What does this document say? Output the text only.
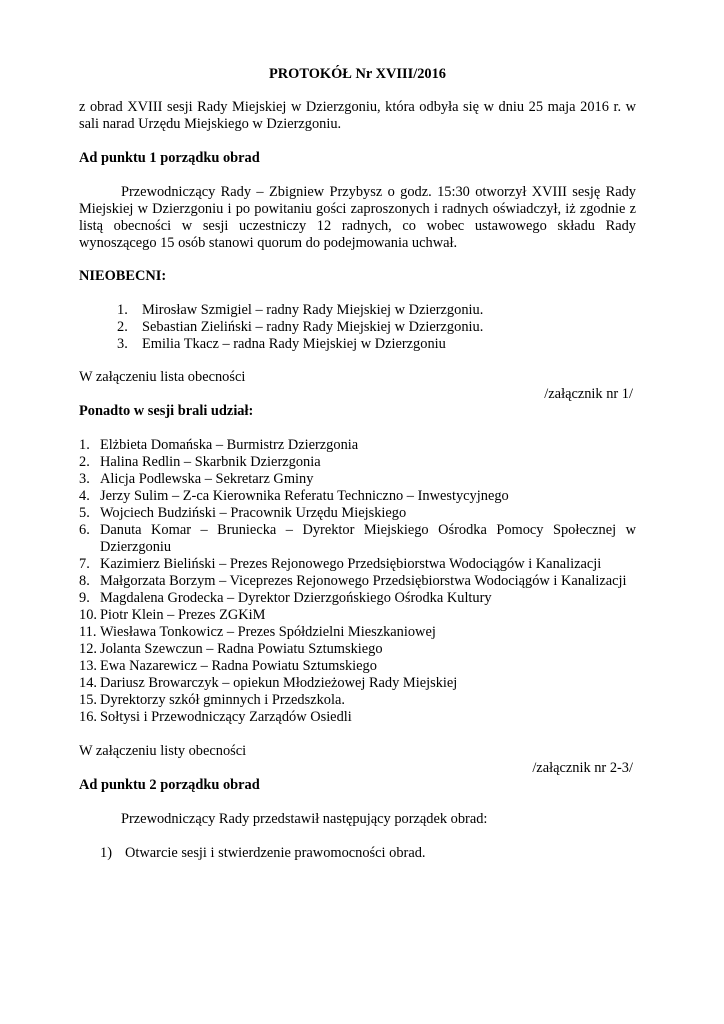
PROTOKÓŁ Nr XVIII/2016

z obrad XVIII sesji Rady Miejskiej w Dzierzgoniu, która odbyła się w dniu 25 maja 2016 r. w sali narad Urzędu Miejskiego w Dzierzgoniu.

Ad punktu 1 porządku obrad

Przewodniczący Rady – Zbigniew Przybysz o godz. 15:30 otworzył XVIII sesję Rady Miejskiej w Dzierzgoniu i po powitaniu gości zaproszonych i radnych oświadczył, iż zgodnie z listą obecności w sesji uczestniczy 12 radnych, co wobec ustawowego składu Rady wynoszącego 15 osób stanowi quorum do podejmowania uchwał.

NIEOBECNI:

1. Mirosław Szmigiel – radny Rady Miejskiej w Dzierzgoniu.
2. Sebastian Zieliński – radny Rady Miejskiej w Dzierzgoniu.
3. Emilia Tkacz – radna Rady Miejskiej w Dzierzgoniu

W załączeniu lista obecności

/załącznik nr 1/

Ponadto w sesji brali udział:

1. Elżbieta Domańska – Burmistrz Dzierzgonia
2. Halina Redlin – Skarbnik Dzierzgonia
3. Alicja Podlewska – Sekretarz Gminy
4. Jerzy Sulim – Z-ca Kierownika Referatu Techniczno – Inwestycyjnego
5. Wojciech Budziński – Pracownik Urzędu Miejskiego
6. Danuta Komar – Bruniecka – Dyrektor Miejskiego Ośrodka Pomocy Społecznej w Dzierzgoniu
7. Kazimierz Bieliński – Prezes Rejonowego Przedsiębiorstwa Wodociągów i Kanalizacji
8. Małgorzata Borzym – Viceprezes Rejonowego Przedsiębiorstwa Wodociągów i Kanalizacji
9. Magdalena Grodecka – Dyrektor Dzierzgońskiego Ośrodka Kultury
10. Piotr Klein – Prezes ZGKiM
11. Wiesława Tonkowicz – Prezes Spółdzielni Mieszkaniowej
12. Jolanta Szewczun – Radna Powiatu Sztumskiego
13. Ewa Nazarewicz – Radna Powiatu Sztumskiego
14. Dariusz Browarczyk – opiekun Młodzieżowej Rady Miejskiej
15. Dyrektorzy szkół gminnych i Przedszkola.
16. Sołtysi i Przewodniczący Zarządów Osiedli

W załączeniu listy obecności

/załącznik nr 2-3/

Ad punktu 2 porządku obrad

Przewodniczący Rady przedstawił następujący porządek obrad:

1) Otwarcie sesji i stwierdzenie prawomocności obrad.
